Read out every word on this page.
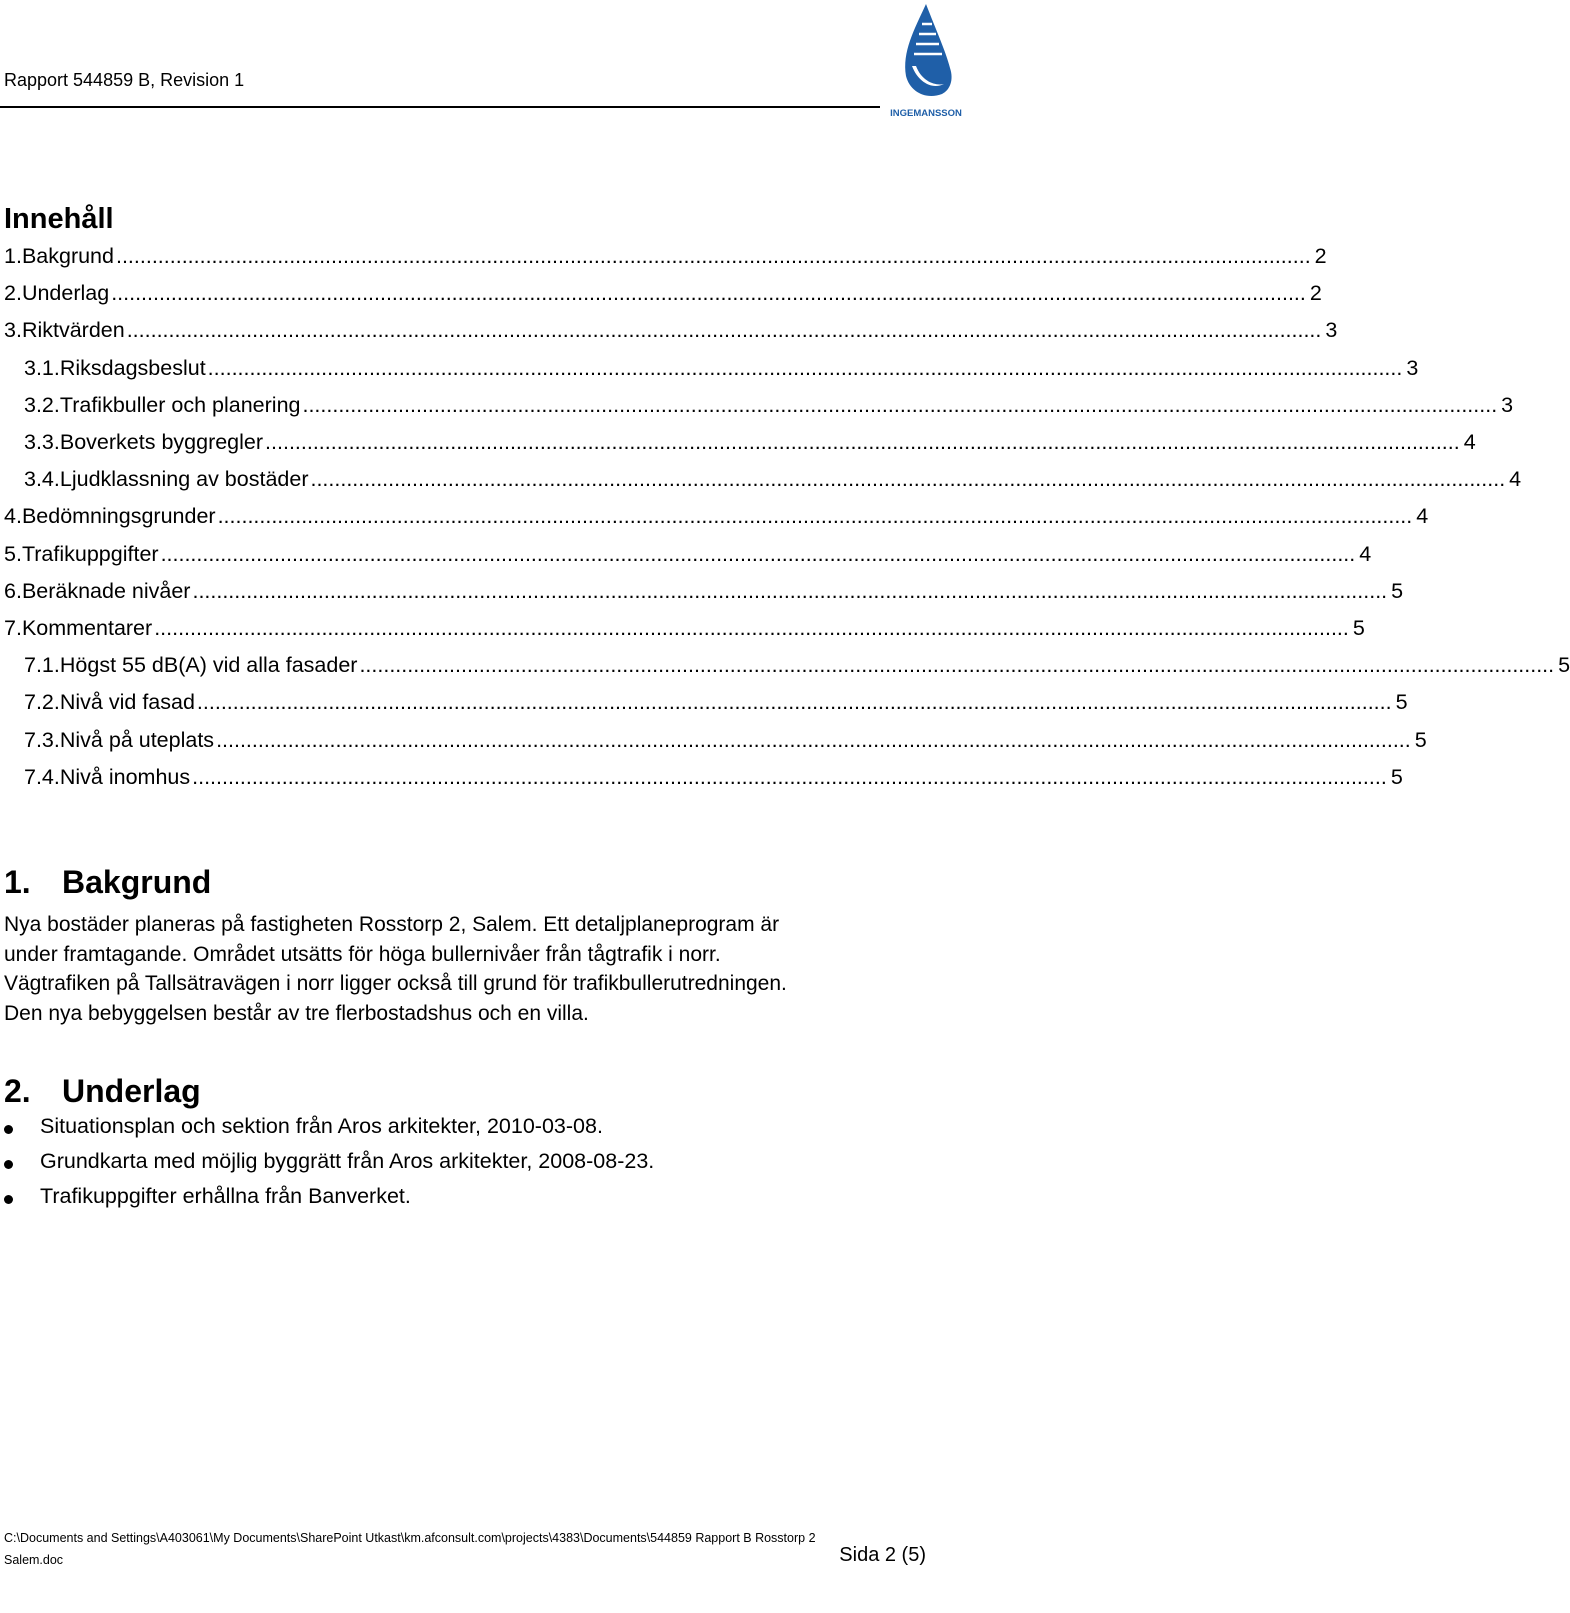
Rapport 544859 B, Revision 1
INGEMANSSON
Innehåll
1. Bakgrund ........................................................................................................................................................................................................ 2
2. Underlag ........................................................................................................................................................................................................ 2
3. Riktvärden ........................................................................................................................................................................................................ 3
3.1. Riksdagsbeslut ........................................................................................................................................................................................................ 3
3.2. Trafikbuller och planering ........................................................................................................................................................................................................ 3
3.3. Boverkets byggregler ........................................................................................................................................................................................................ 4
3.4. Ljudklassning av bostäder ........................................................................................................................................................................................................ 4
4. Bedömningsgrunder ........................................................................................................................................................................................................ 4
5. Trafikuppgifter ........................................................................................................................................................................................................ 4
6. Beräknade nivåer ........................................................................................................................................................................................................ 5
7. Kommentarer ........................................................................................................................................................................................................ 5
7.1. Högst 55 dB(A) vid alla fasader ........................................................................................................................................................................................................ 5
7.2. Nivå vid fasad ........................................................................................................................................................................................................ 5
7.3. Nivå på uteplats ........................................................................................................................................................................................................ 5
7.4. Nivå inomhus ........................................................................................................................................................................................................ 5
1. Bakgrund
Nya bostäder planeras på fastigheten Rosstorp 2, Salem. Ett detaljplaneprogram är
under framtagande. Området utsätts för höga bullernivåer från tågtrafik i norr.
Vägtrafiken på Tallsätravägen i norr ligger också till grund för trafikbullerutredningen.
Den nya bebyggelsen består av tre flerbostadshus och en villa.
2. Underlag
Situationsplan och sektion från Aros arkitekter, 2010-03-08.
Grundkarta med möjlig byggrätt från Aros arkitekter, 2008-08-23.
Trafikuppgifter erhållna från Banverket.
C:\Documents and Settings\A403061\My Documents\SharePoint Utkast\km.afconsult.com\projects\4383\Documents\544859 Rapport B Rosstorp 2
Salem.doc	Sida 2 (5)
